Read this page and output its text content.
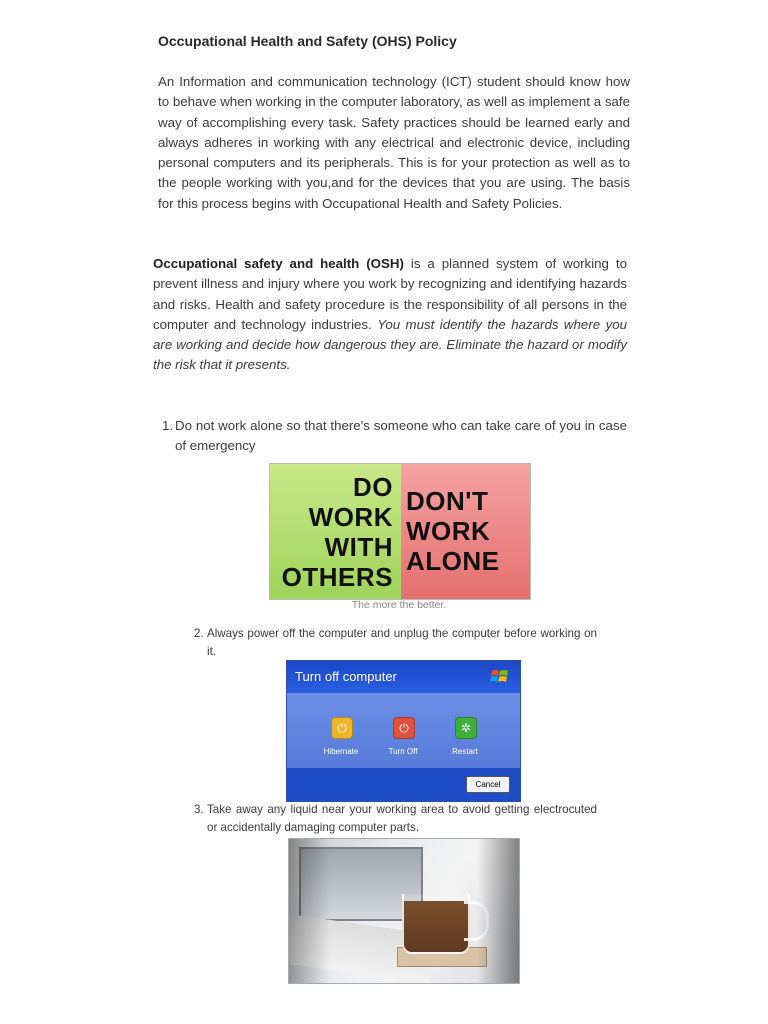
Occupational Health and Safety (OHS) Policy

An Information and communication technology (ICT) student should know how to behave when working in the computer laboratory, as well as implement a safe way of accomplishing every task. Safety practices should be learned early and always adheres in working with any electrical and electronic device, including personal computers and its peripherals. This is for your protection as well as to the people working with you,and for the devices that you are using. The basis for this process begins with Occupational Health and Safety Policies.

Occupational safety and health (OSH) is a planned system of working to prevent illness and injury where you work by recognizing and identifying hazards and risks. Health and safety procedure is the responsibility of all persons in the computer and technology industries. You must identify the hazards where you are working and decide how dangerous they are. Eliminate the hazard or modify the risk that it presents.

1. Do not work alone so that there's someone who can take care of you in case of emergency
DO
WORK
WITH
OTHERS
DON'T
WORK
ALONE
The more the better.
2. Always power off the computer and unplug the computer before working on it.
Turn off computer
⏻
Hibernate
⏻
Turn Off
✲
Restart
Cancel
3. Take away any liquid near your working area to avoid getting electrocuted or accidentally damaging computer parts.
